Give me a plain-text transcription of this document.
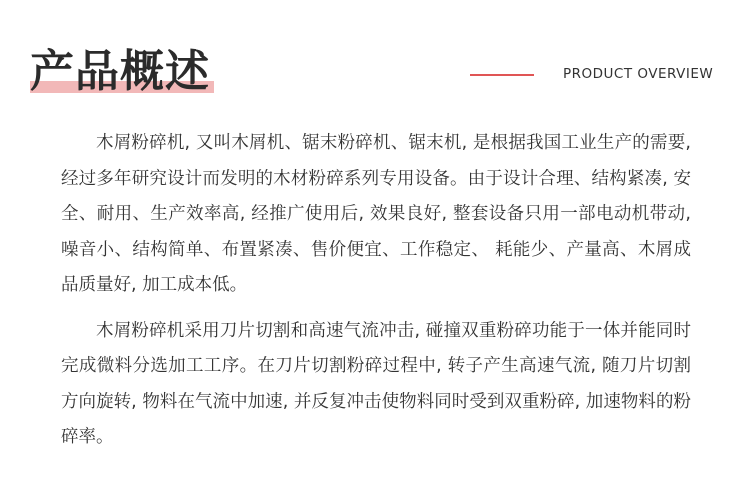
产品概述	PRODUCT OVERVIEW

木屑粉碎机, 又叫木屑机、锯末粉碎机、锯末机, 是根据我国工业生产的需要, 经过多年研究设计而发明的木材粉碎系列专用设备。由于设计合理、结构紧凑, 安全、耐用、生产效率高, 经推广使用后, 效果良好, 整套设备只用一部电动机带动, 噪音小、结构简单、布置紧凑、售价便宜、工作稳定、 耗能少、产量高、木屑成品质量好, 加工成本低。

木屑粉碎机采用刀片切割和高速气流冲击, 碰撞双重粉碎功能于一体并能同时完成微料分选加工工序。在刀片切割粉碎过程中, 转子产生高速气流, 随刀片切割方向旋转, 物料在气流中加速, 并反复冲击使物料同时受到双重粉碎, 加速物料的粉碎率。
